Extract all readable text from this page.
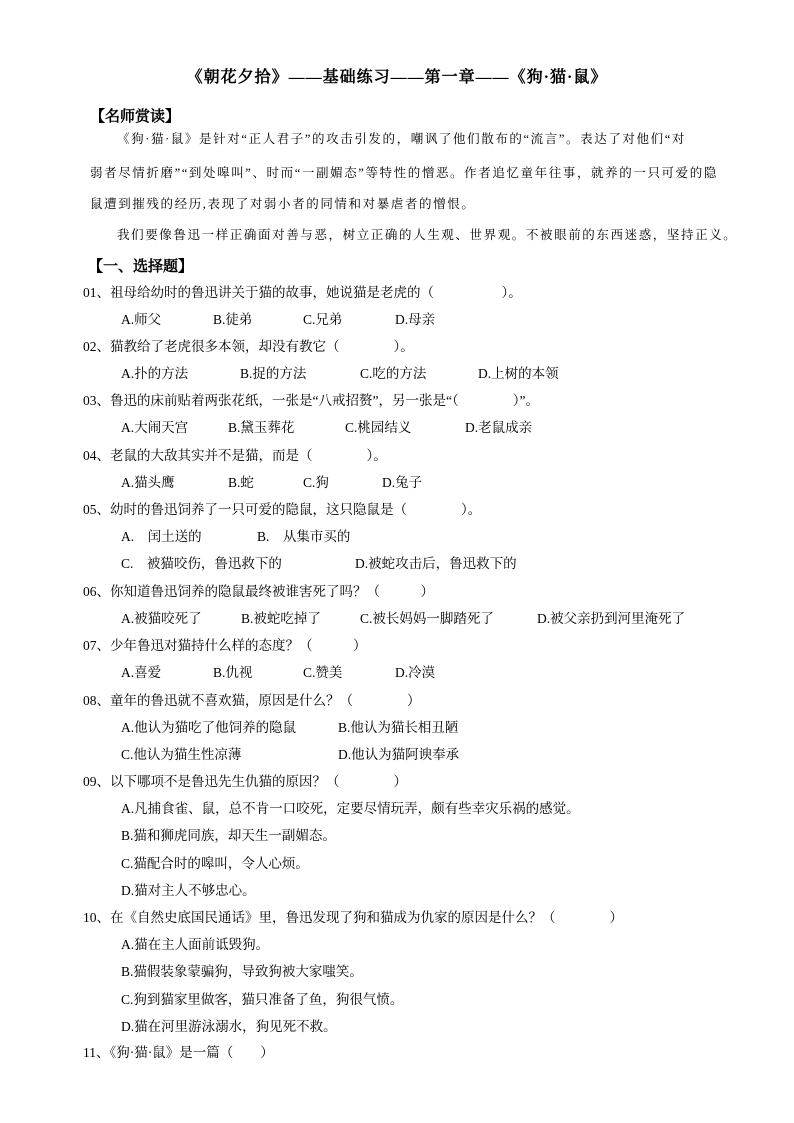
《朝花夕拾》——基础练习——第一章——《狗·猫·鼠》
【名师赏读】
《狗·猫·鼠》是针对“正人君子”的攻击引发的，嘲讽了他们散布的“流言”。表达了对他们“对
弱者尽情折磨”“到处嗥叫”、时而“一副媚态”等特性的憎恶。作者追忆童年往事，就养的一只可爱的隐
鼠遭到摧残的经历,表现了对弱小者的同情和对暴虐者的憎恨。
我们要像鲁迅一样正确面对善与恶，树立正确的人生观、世界观。不被眼前的东西迷惑，坚持正义。
【一、选择题】
01、祖母给幼时的鲁迅讲关于猫的故事，她说猫是老虎的（　　　　　）。
A.师父	B.徒弟	C.兄弟	D.母亲
02、猫教给了老虎很多本领，却没有教它（　　　　）。
A.扑的方法	B.捉的方法	C.吃的方法	D.上树的本领
03、鲁迅的床前贴着两张花纸，一张是“八戒招赘”，另一张是“（　　　　）”。
A.大闹天宫	B.黛玉葬花	C.桃园结义	D.老鼠成亲
04、老鼠的大敌其实并不是猫，而是（　　　　）。
A.猫头鹰	B.蛇	C.狗	D.兔子
05、幼时的鲁迅饲养了一只可爱的隐鼠，这只隐鼠是（　　　　）。
A.　闰土送的	B.　从集市买的
C.　被猫咬伤，鲁迅救下的	D.被蛇攻击后，鲁迅救下的
06、你知道鲁迅饲养的隐鼠最终被谁害死了吗？（　　　）
A.被猫咬死了	B.被蛇吃掉了	C.被长妈妈一脚踏死了	D.被父亲扔到河里淹死了
07、少年鲁迅对猫持什么样的态度？（　　　）
A.喜爱	B.仇视	C.赞美	D.冷漠
08、童年的鲁迅就不喜欢猫，原因是什么？（　　　　）
A.他认为猫吃了他饲养的隐鼠	B.他认为猫长相丑陋
C.他认为猫生性凉薄	D.他认为猫阿谀奉承
09、以下哪项不是鲁迅先生仇猫的原因？（　　　　）
A.凡捕食雀、鼠，总不肯一口咬死，定要尽情玩弄，颇有些幸灾乐祸的感觉。
B.猫和狮虎同族，却天生一副媚态。
C.猫配合时的嗥叫，令人心烦。
D.猫对主人不够忠心。
10、在《自然史底国民通话》里，鲁迅发现了狗和猫成为仇家的原因是什么？（　　　　）
A.猫在主人面前诋毁狗。
B.猫假装象蒙骗狗，导致狗被大家嗤笑。
C.狗到猫家里做客，猫只准备了鱼，狗很气愤。
D.猫在河里游泳溺水，狗见死不救。
11、《狗·猫·鼠》是一篇（　　）
